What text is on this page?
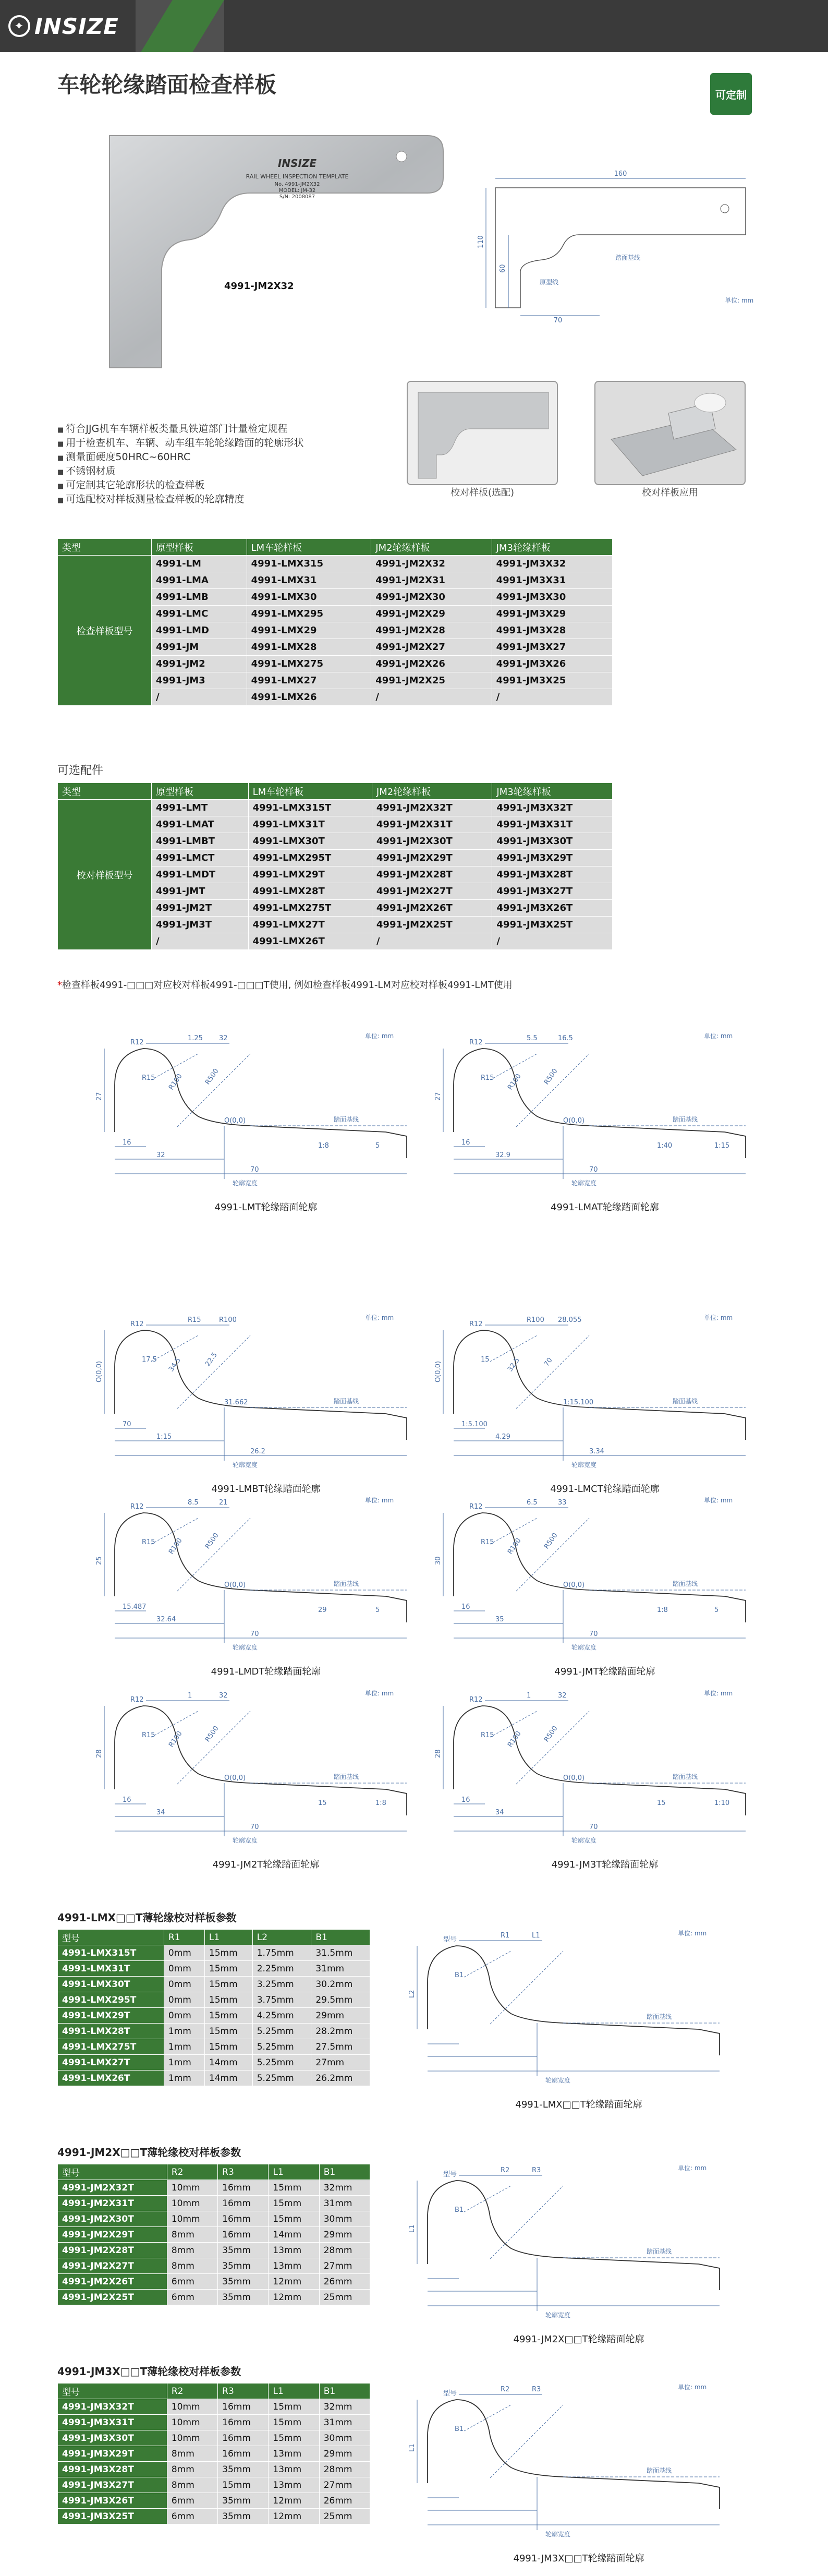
✦ INSIZE
车轮轮缘踏面检查样板	可定制
INSIZE
RAIL WHEEL INSPECTION TEMPLATE
No. 4991-JM2X32
MODEL: JM-32
S/N: 2008087
4991-JM2X32
160
110
60
70
原型线
踏面基线
单位: mm
校对样板(选配)	校对样板应用
■ 符合JJG机车车辆样板类量具铁道部门计量检定规程
■ 用于检查机车、车辆、动车组车轮轮缘踏面的轮廓形状
■ 测量面硬度50HRC~60HRC
■ 不锈钢材质
■ 可定制其它轮廓形状的检查样板
■ 可选配校对样板测量检查样板的轮廓精度
类型	原型样板	LM车轮样板	JM2轮缘样板	JM3轮缘样板
检查样板型号	4991-LM	4991-LMX315	4991-JM2X32	4991-JM3X32
	4991-LMA	4991-LMX31	4991-JM2X31	4991-JM3X31
	4991-LMB	4991-LMX30	4991-JM2X30	4991-JM3X30
	4991-LMC	4991-LMX295	4991-JM2X29	4991-JM3X29
	4991-LMD	4991-LMX29	4991-JM2X28	4991-JM3X28
	4991-JM	4991-LMX28	4991-JM2X27	4991-JM3X27
	4991-JM2	4991-LMX275	4991-JM2X26	4991-JM3X26
	4991-JM3	4991-LMX27	4991-JM2X25	4991-JM3X25
	/	4991-LMX26	/	/
可选配件
类型	原型样板	LM车轮样板	JM2轮缘样板	JM3轮缘样板
校对样板型号	4991-LMT	4991-LMX315T	4991-JM2X32T	4991-JM3X32T
	4991-LMAT	4991-LMX31T	4991-JM2X31T	4991-JM3X31T
	4991-LMBT	4991-LMX30T	4991-JM2X30T	4991-JM3X30T
	4991-LMCT	4991-LMX295T	4991-JM2X29T	4991-JM3X29T
	4991-LMDT	4991-LMX29T	4991-JM2X28T	4991-JM3X28T
	4991-JMT	4991-LMX28T	4991-JM2X27T	4991-JM3X27T
	4991-JM2T	4991-LMX275T	4991-JM2X26T	4991-JM3X26T
	4991-JM3T	4991-LMX27T	4991-JM2X25T	4991-JM3X25T
	/	4991-LMX26T	/	/
*检查样板4991-□□□对应校对样板4991-□□□T使用, 例如检查样板4991-LM对应校对样板4991-LMT使用
R12
1.25 32
27
R15 R100	R500
O(0,0)
16
32
70
1:8	5
单位: mm
踏面基线
轮廓宽度
4991-LMT轮缘踏面轮廓
R12
5.5	16.5
27
R15 R100	R500
O(0,0)
16
32.9
70
1:40	1:15
单位: mm
踏面基线
轮廓宽度
4991-LMAT轮缘踏面轮廓
R12
R15	R100
O(0,0)
17.5 34.5	22.5
31.662
70
1:15
26.2
单位: mm
踏面基线
轮廓宽度
4991-LMBT轮缘踏面轮廓
R12
R100 28.055
O(0,0)
15 32.5	70
1:15.100
1:5.100
4.29
3.34
单位: mm
踏面基线
轮廓宽度
4991-LMCT轮缘踏面轮廓
R12
8.5	21
25
R15 R100	R500
O(0,0)
15.487
32.64
70
29	5
单位: mm
踏面基线
轮廓宽度
4991-LMDT轮缘踏面轮廓
R12
6.5	33
30
R15 R100	R500
O(0,0)
16
35
70
1:8	5
单位: mm
踏面基线
轮廓宽度
4991-JMT轮缘踏面轮廓
R12
1	32
28
R15 R100	R500
O(0,0)
16
34
70
15	1:8
单位: mm
踏面基线
轮廓宽度
4991-JM2T轮缘踏面轮廓
R12
1	32
28
R15 R100	R500
O(0,0)
16
34
70
15	1:10
单位: mm
踏面基线
轮廓宽度
4991-JM3T轮缘踏面轮廓
4991-LMX□□T薄轮缘校对样板参数
型号	R1	L1	L2	B1
4991-LMX315T	0mm	15mm	1.75mm	31.5mm
4991-LMX31T	0mm	15mm	2.25mm	31mm
4991-LMX30T	0mm	15mm	3.25mm	30.2mm
4991-LMX295T	0mm	15mm	3.75mm	29.5mm
4991-LMX29T	0mm	15mm	4.25mm	29mm
4991-LMX28T	1mm	15mm	5.25mm	28.2mm
4991-LMX275T	1mm	15mm	5.25mm	27.5mm
4991-LMX27T	1mm	14mm	5.25mm	27mm
4991-LMX26T	1mm	14mm	5.25mm	26.2mm
型号
R1	L1
L2
B1
单位: mm
踏面基线
轮廓宽度
4991-LMX□□T轮缘踏面轮廓
4991-JM2X□□T薄轮缘校对样板参数
型号	R2	R3	L1	B1
4991-JM2X32T	10mm	16mm	15mm	32mm
4991-JM2X31T	10mm	16mm	15mm	31mm
4991-JM2X30T	10mm	16mm	15mm	30mm
4991-JM2X29T	8mm	16mm	14mm	29mm
4991-JM2X28T	8mm	35mm	13mm	28mm
4991-JM2X27T	8mm	35mm	13mm	27mm
4991-JM2X26T	6mm	35mm	12mm	26mm
4991-JM2X25T	6mm	35mm	12mm	25mm
型号
R2	R3
L1
B1
单位: mm
踏面基线
轮廓宽度
4991-JM2X□□T轮缘踏面轮廓
4991-JM3X□□T薄轮缘校对样板参数
型号	R2	R3	L1	B1
4991-JM3X32T	10mm	16mm	15mm	32mm
4991-JM3X31T	10mm	16mm	15mm	31mm
4991-JM3X30T	10mm	16mm	15mm	30mm
4991-JM3X29T	8mm	16mm	13mm	29mm
4991-JM3X28T	8mm	35mm	13mm	28mm
4991-JM3X27T	8mm	15mm	13mm	27mm
4991-JM3X26T	6mm	35mm	12mm	26mm
4991-JM3X25T	6mm	35mm	12mm	25mm
型号
R2	R3
L1
B1
单位: mm
踏面基线
轮廓宽度
4991-JM3X□□T轮缘踏面轮廓
